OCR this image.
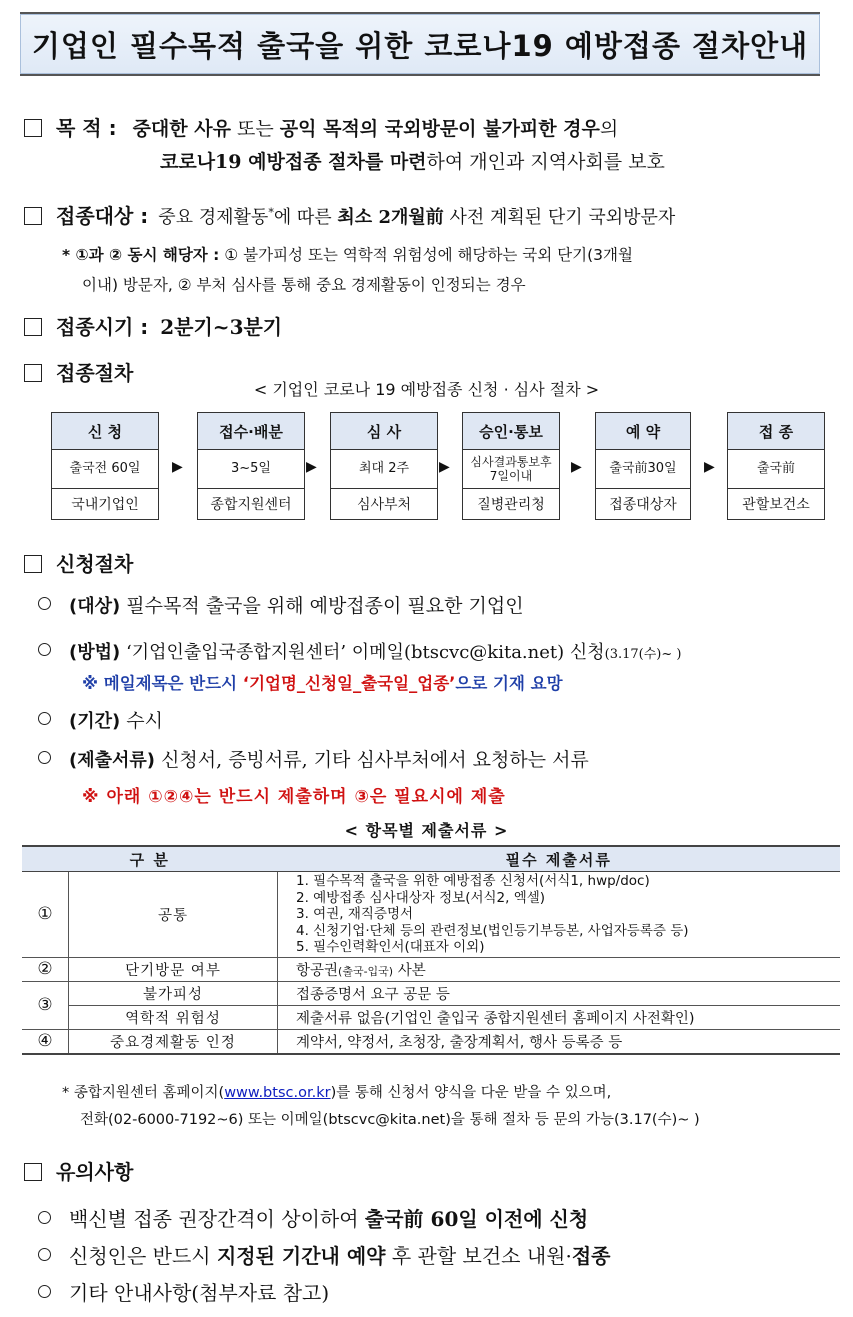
기업인 필수목적 출국을 위한 코로나19 예방접종 절차안내
목 적 : 중대한 사유 또는 공익 목적의 국외방문이 불가피한 경우의
코로나19 예방접종 절차를 마련하여 개인과 지역사회를 보호
접종대상 : 중요 경제활동*에 따른 최소 2개월前 사전 계획된 단기 국외방문자
* ①과 ② 동시 해당자 : ① 불가피성 또는 역학적 위험성에 해당하는 국외 단기(3개월
이내) 방문자, ② 부처 심사를 통해 중요 경제활동이 인정되는 경우
접종시기 : 2분기~3분기
접종절차
< 기업인 코로나 19 예방접종 신청 · 심사 절차 >
신 청
출국전 60일
국내기업인
▶
접수·배분
3~5일
종합지원센터
▶
심 사
최대 2주
심사부처
▶
승인·통보
심사결과통보후 7일이내
질병관리청
▶
예 약
출국前30일
접종대상자
▶
접 종
출국前
관할보건소
신청절차
(대상) 필수목적 출국을 위해 예방접종이 필요한 기업인
(방법) ‘기업인출입국종합지원센터’ 이메일(btscvc@kita.net) 신청(3.17(수)~ )
※ 메일제목은 반드시 ‘기업명_신청일_출국일_업종’으로 기재 요망
(기간) 수시
(제출서류) 신청서, 증빙서류, 기타 심사부처에서 요청하는 서류
※ 아래 ①②④는 반드시 제출하며 ③은 필요시에 제출
< 항목별 제출서류 >
구 분		필수 제출서류
①	공통	1. 필수목적 출국을 위한 예방접종 신청서(서식1, hwp/doc)
2. 예방접종 심사대상자 정보(서식2, 엑셀)
3. 여권, 재직증명서
4. 신청기업·단체 등의 관련정보(법인등기부등본, 사업자등록증 등)
5. 필수인력확인서(대표자 이외)

②	단기방문 여부	항공권(출국-입국) 사본
③	불가피성	접종증명서 요구 공문 등
	역학적 위험성	제출서류 없음(기업인 출입국 종합지원센터 홈페이지 사전확인)
④	중요경제활동 인정	계약서, 약정서, 초청장, 출장계획서, 행사 등록증 등
* 종합지원센터 홈페이지(www.btsc.or.kr)를 통해 신청서 양식을 다운 받을 수 있으며,
전화(02-6000-7192~6) 또는 이메일(btscvc@kita.net)을 통해 절차 등 문의 가능(3.17(수)~ )
유의사항
백신별 접종 권장간격이 상이하여 출국前 60일 이전에 신청
신청인은 반드시 지정된 기간내 예약 후 관할 보건소 내원·접종
기타 안내사항(첨부자료 참고)
